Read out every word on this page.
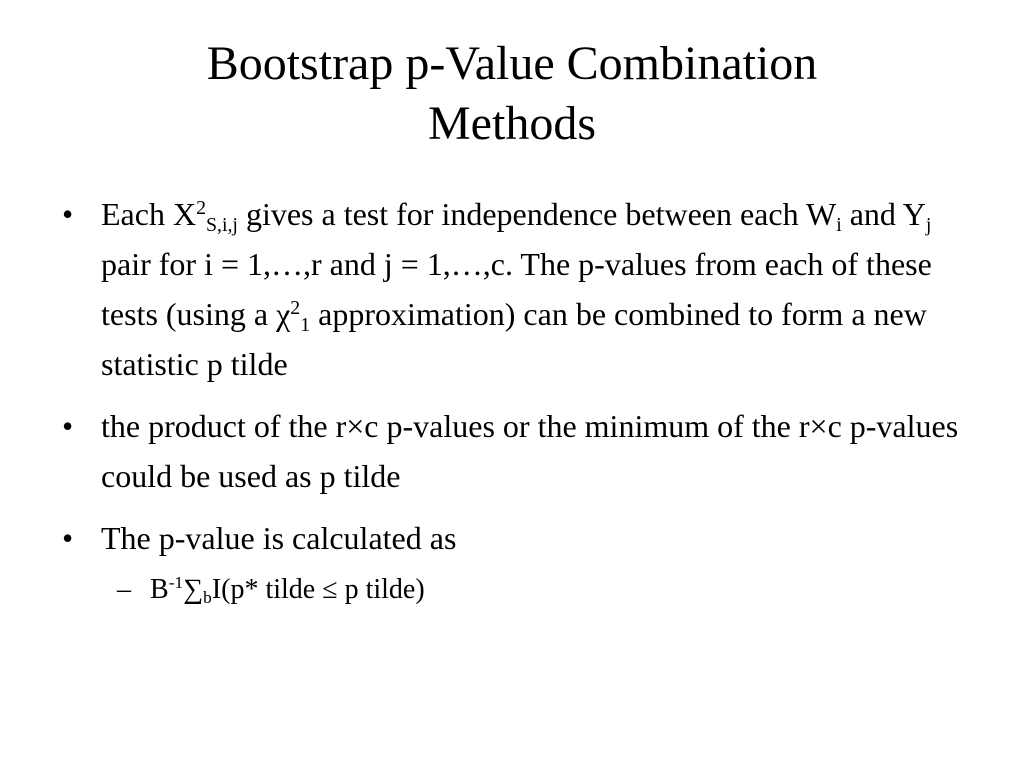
Bootstrap p-Value Combination
Methods
• Each $X^2_{S,i,j}$ gives a test for independence between each $W_i$ and $Y_j$ pair for i = 1,…,r and j = 1,…,c. The p-values from each of these tests (using a $\chi^2_1$ approximation) can be combined to form a new statistic p tilde
• the product of the r×c p-values or the minimum of the r×c p-values could be used as p tilde
• The p-value is calculated as
– $B^{-1}\sum_bI(p*$ tilde ≤ p tilde)
